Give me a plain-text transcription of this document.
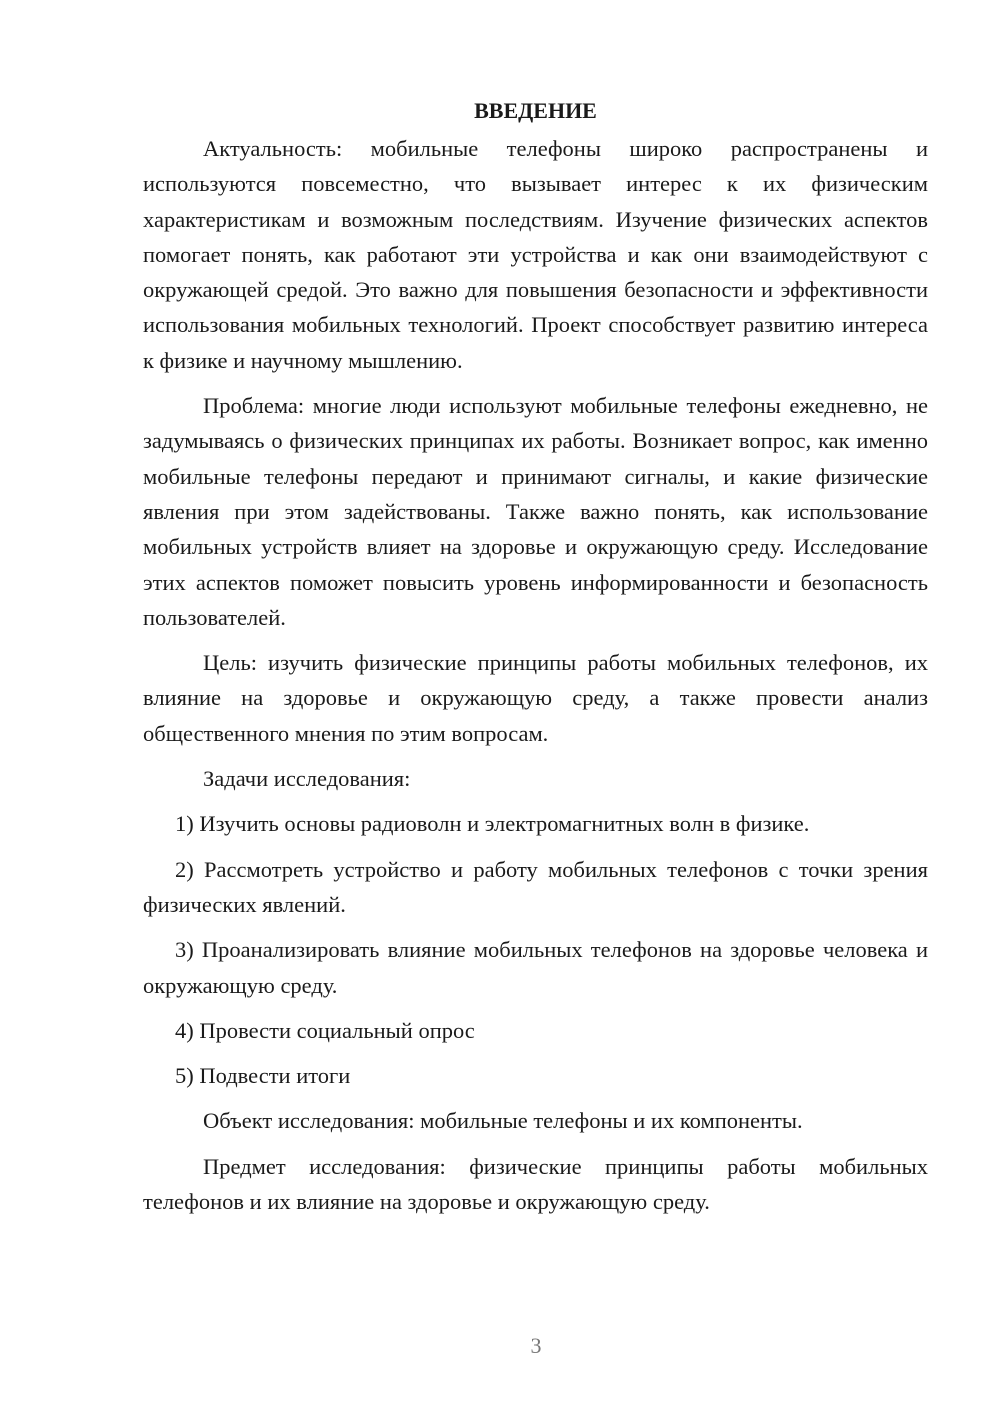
ВВЕДЕНИЕ

Актуальность: мобильные телефоны широко распространены и используются повсеместно, что вызывает интерес к их физическим характеристикам и возможным последствиям. Изучение физических аспектов помогает понять, как работают эти устройства и как они взаимодействуют с окружающей средой. Это важно для повышения безопасности и эффективности использования мобильных технологий. Проект способствует развитию интереса к физике и научному мышлению.

Проблема: многие люди используют мобильные телефоны ежедневно, не задумываясь о физических принципах их работы. Возникает вопрос, как именно мобильные телефоны передают и принимают сигналы, и какие физические явления при этом задействованы. Также важно понять, как использование мобильных устройств влияет на здоровье и окружающую среду. Исследование этих аспектов поможет повысить уровень информированности и безопасность пользователей.

Цель: изучить физические принципы работы мобильных телефонов, их влияние на здоровье и окружающую среду, а также провести анализ общественного мнения по этим вопросам.

Задачи исследования:

1) Изучить основы радиоволн и электромагнитных волн в физике.

2) Рассмотреть устройство и работу мобильных телефонов с точки зрения физических явлений.

3) Проанализировать влияние мобильных телефонов на здоровье человека и окружающую среду.

4) Провести социальный опрос

5) Подвести итоги

Объект исследования: мобильные телефоны и их компоненты.

Предмет исследования: физические принципы работы мобильных телефонов и их влияние на здоровье и окружающую среду.

3
